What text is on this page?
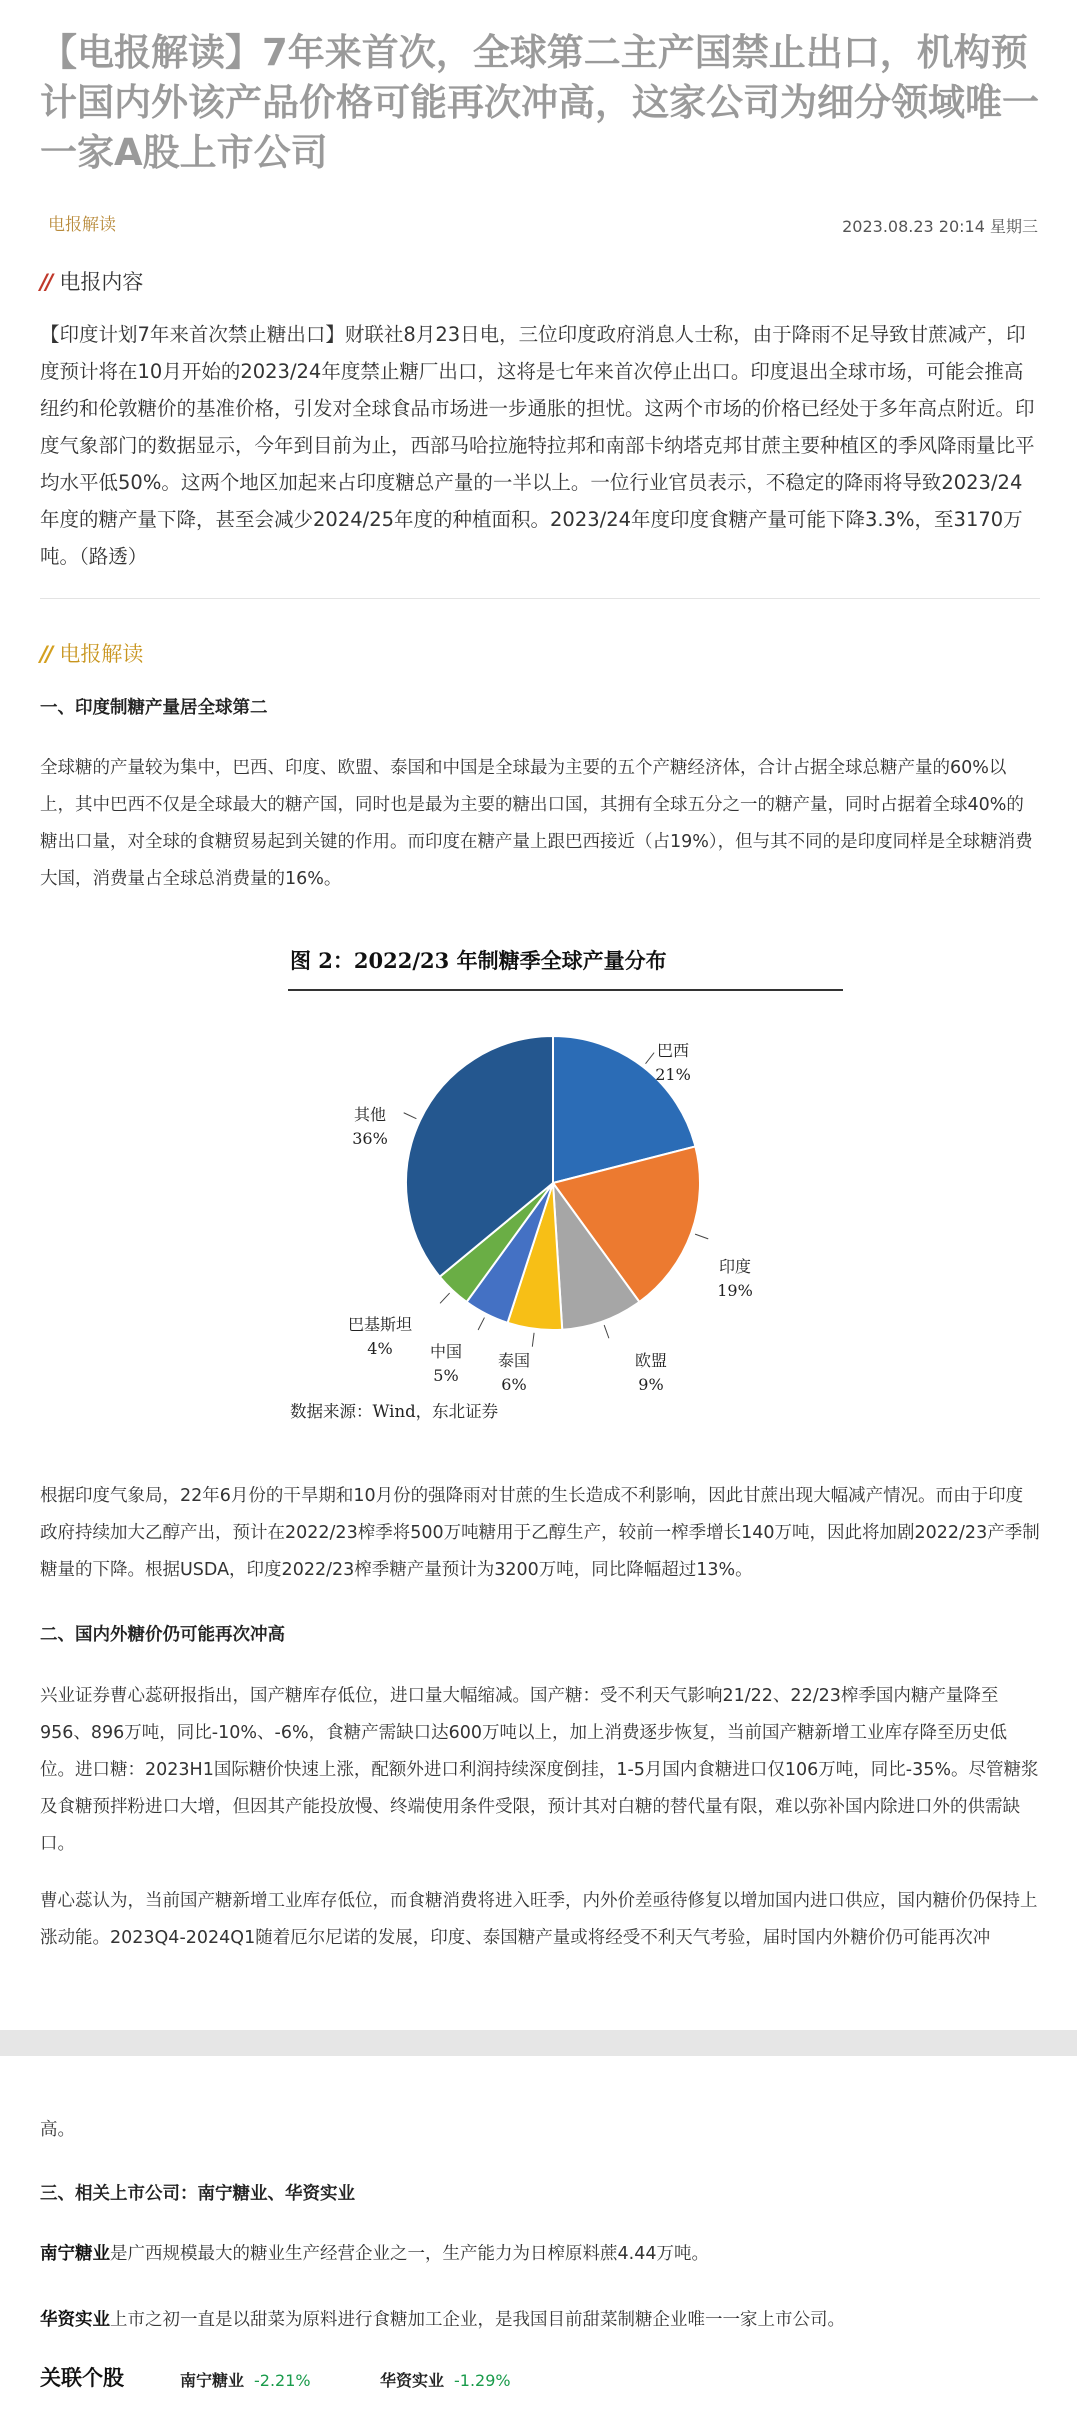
【电报解读】7年来首次，全球第二主产国禁止出口，机构预计国内外该产品价格可能再次冲高，这家公司为细分领域唯一一家A股上市公司
电报解读	2023.08.23 20:14 星期三
// 电报内容

【印度计划7年来首次禁止糖出口】财联社8月23日电，三位印度政府消息人士称，由于降雨不足导致甘蔗减产，印度预计将在10月开始的2023/24年度禁止糖厂出口，这将是七年来首次停止出口。印度退出全球市场，可能会推高纽约和伦敦糖价的基准价格，引发对全球食品市场进一步通胀的担忧。这两个市场的价格已经处于多年高点附近。印度气象部门的数据显示，今年到目前为止，西部马哈拉施特拉邦和南部卡纳塔克邦甘蔗主要种植区的季风降雨量比平均水平低50%。这两个地区加起来占印度糖总产量的一半以上。一位行业官员表示，不稳定的降雨将导致2023/24年度的糖产量下降，甚至会减少2024/25年度的种植面积。2023/24年度印度食糖产量可能下降3.3%，至3170万吨。（路透）

// 电报解读
一、印度制糖产量居全球第二

全球糖的产量较为集中，巴西、印度、欧盟、泰国和中国是全球最为主要的五个产糖经济体，合计占据全球总糖产量的60%以上，其中巴西不仅是全球最大的糖产国，同时也是最为主要的糖出口国，其拥有全球五分之一的糖产量，同时占据着全球40%的糖出口量，对全球的食糖贸易起到关键的作用。而印度在糖产量上跟巴西接近（占19%），但与其不同的是印度同样是全球糖消费大国，消费量占全球总消费量的16%。

图 2：2022/23 年制糖季全球产量分布
巴西
21%
印度
19%
欧盟
9%
泰国
6%
中国
5%
巴基斯坦
4%
其他
36%
数据来源：Wind，东北证券

根据印度气象局，22年6月份的干旱期和10月份的强降雨对甘蔗的生长造成不利影响，因此甘蔗出现大幅减产情况。而由于印度政府持续加大乙醇产出，预计在2022/23榨季将500万吨糖用于乙醇生产，较前一榨季增长140万吨，因此将加剧2022/23产季制糖量的下降。根据USDA，印度2022/23榨季糖产量预计为3200万吨，同比降幅超过13%。

二、国内外糖价仍可能再次冲高

兴业证券曹心蕊研报指出，国产糖库存低位，进口量大幅缩减。国产糖：受不利天气影响21/22、22/23榨季国内糖产量降至956、896万吨，同比-10%、-6%，食糖产需缺口达600万吨以上，加上消费逐步恢复，当前国产糖新增工业库存降至历史低位。进口糖：2023H1国际糖价快速上涨，配额外进口利润持续深度倒挂，1-5月国内食糖进口仅106万吨，同比-35%。尽管糖浆及食糖预拌粉进口大增，但因其产能投放慢、终端使用条件受限，预计其对白糖的替代量有限，难以弥补国内除进口外的供需缺口。

曹心蕊认为，当前国产糖新增工业库存低位，而食糖消费将进入旺季，内外价差亟待修复以增加国内进口供应，国内糖价仍保持上涨动能。2023Q4-2024Q1随着厄尔尼诺的发展，印度、泰国糖产量或将经受不利天气考验，届时国内外糖价仍可能再次冲

高。

三、相关上市公司：南宁糖业、华资实业

南宁糖业是广西规模最大的糖业生产经营企业之一，生产能力为日榨原料蔗4.44万吨。

华资实业上市之初一直是以甜菜为原料进行食糖加工企业，是我国目前甜菜制糖企业唯一一家上市公司。

关联个股	南宁糖业 -2.21%	华资实业 -1.29%
